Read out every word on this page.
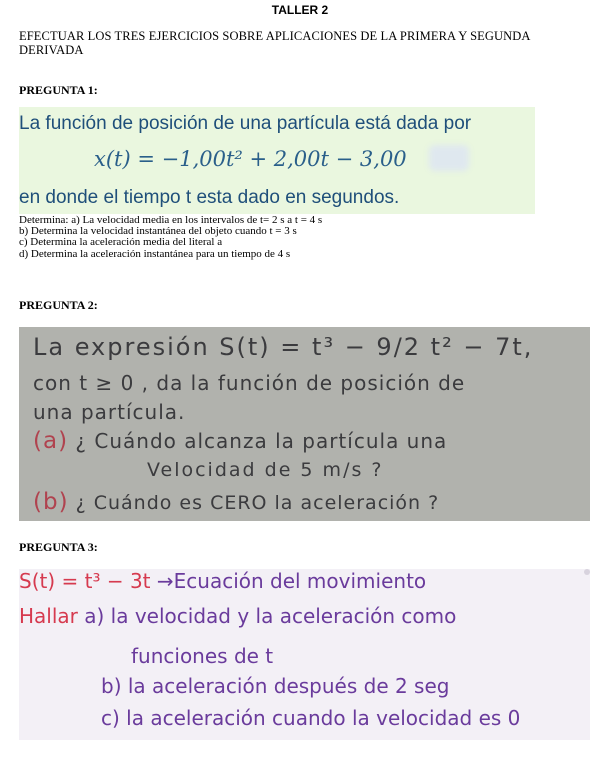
TALLER 2
EFECTUAR LOS TRES EJERCICIOS SOBRE APLICACIONES DE LA PRIMERA Y SEGUNDA DERIVADA
PREGUNTA 1:
La función de posición de una partícula está dada por
x(t) = −1,00t² + 2,00t − 3,00
en donde el tiempo t esta dado en segundos.
Determina: a) La velocidad media en los intervalos de t= 2 s a t = 4 s
b) Determina la velocidad instantánea del objeto cuando t = 3 s
c) Determina la aceleración media del literal a
d) Determina la aceleración instantánea para un tiempo de 4 s
PREGUNTA 2:
La expresión S(t) = t³ − 9/2 t² − 7t,
con t ≥ 0 , da la función de posición de
una partícula.
(a) ¿ Cuándo alcanza la partícula una
Velocidad de 5 m/s ?
(b) ¿ Cuándo es CERO la aceleración ?
PREGUNTA 3:
S(t) = t³ − 3t →Ecuación del movimiento
Hallar a) la velocidad y la aceleración como
funciones de t
b) la aceleración después de 2 seg
c) la aceleración cuando la velocidad es 0
